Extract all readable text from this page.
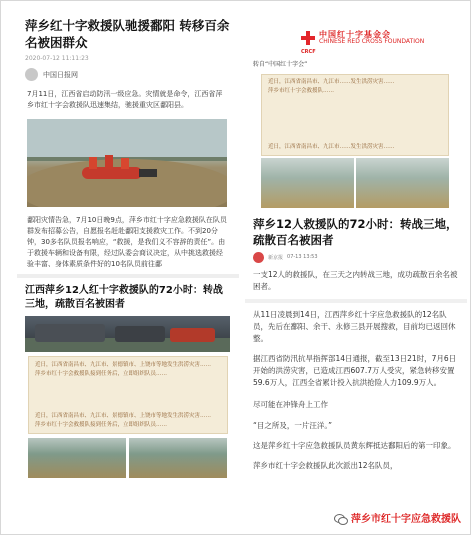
萍乡红十字救援队驰援鄱阳 转移百余名被困群众
2020-07-12 11:11:23
中国日报网
7月11日，江西省启动防汛一级应急。灾情就是命令，江西省萍乡市红十字会救援队迅速集结，驰援重灾区鄱阳县。
鄱阳灾情告急，7月10日晚9点，萍乡市红十字应急救援队在队员群发布招募公告，自愿报名赶赴鄱阳支援救灾工作。不到20分钟，30多名队员报名响应，“救援，是我们义不容辞的责任”。由于救援车辆和设备有限，经过队委会商议决定，从中挑选救援经验丰富、身体素质条件好的10名队员前往鄱
江西萍乡12人红十字救援队的72小时：转战三地，疏散百名被困者
近日，江西省南昌市、九江市、景德镇市、上饶市等地发生洪涝灾害……
萍乡市红十字会救援队接到任务后，立即组织队员……
近日，江西省南昌市、九江市、景德镇市、上饶市等地发生洪涝灾害……
萍乡市红十字会救援队接到任务后，立即组织队员……
中国红十字基金会
CHINESE RED CROSS FOUNDATION
CRCF
转自“中国红十字会”
近日，江西省南昌市、九江市……发生洪涝灾害……
萍乡市红十字会救援队……
近日，江西省南昌市、九江市……发生洪涝灾害……
萍乡12人救援队的72小时：转战三地，疏散百名被困者
新京报 07-13 13:53
一支12人的救援队，在三天之内转战三地，成功疏散百余名被困者。
从11日凌晨到14日，江西萍乡红十字应急救援队的12名队员，先后在鄱阳、余干、永修三县开展搜救，目前均已返回休整。
据江西省防汛抗旱指挥部14日通报，截至13日21时，7月6日开始的洪涝灾害，已造成江西607.7万人受灾，紧急转移安置59.6万人，江西全省累计投入抗洪抢险人力109.9万人。
尽可能在冲锋舟上工作
“目之所及，一片汪洋。”
这是萍乡红十字应急救援队员黄东辉抵达鄱阳后的第一印象。
萍乡市红十字会救援队此次派出12名队员，
萍乡市红十字应急救援队
